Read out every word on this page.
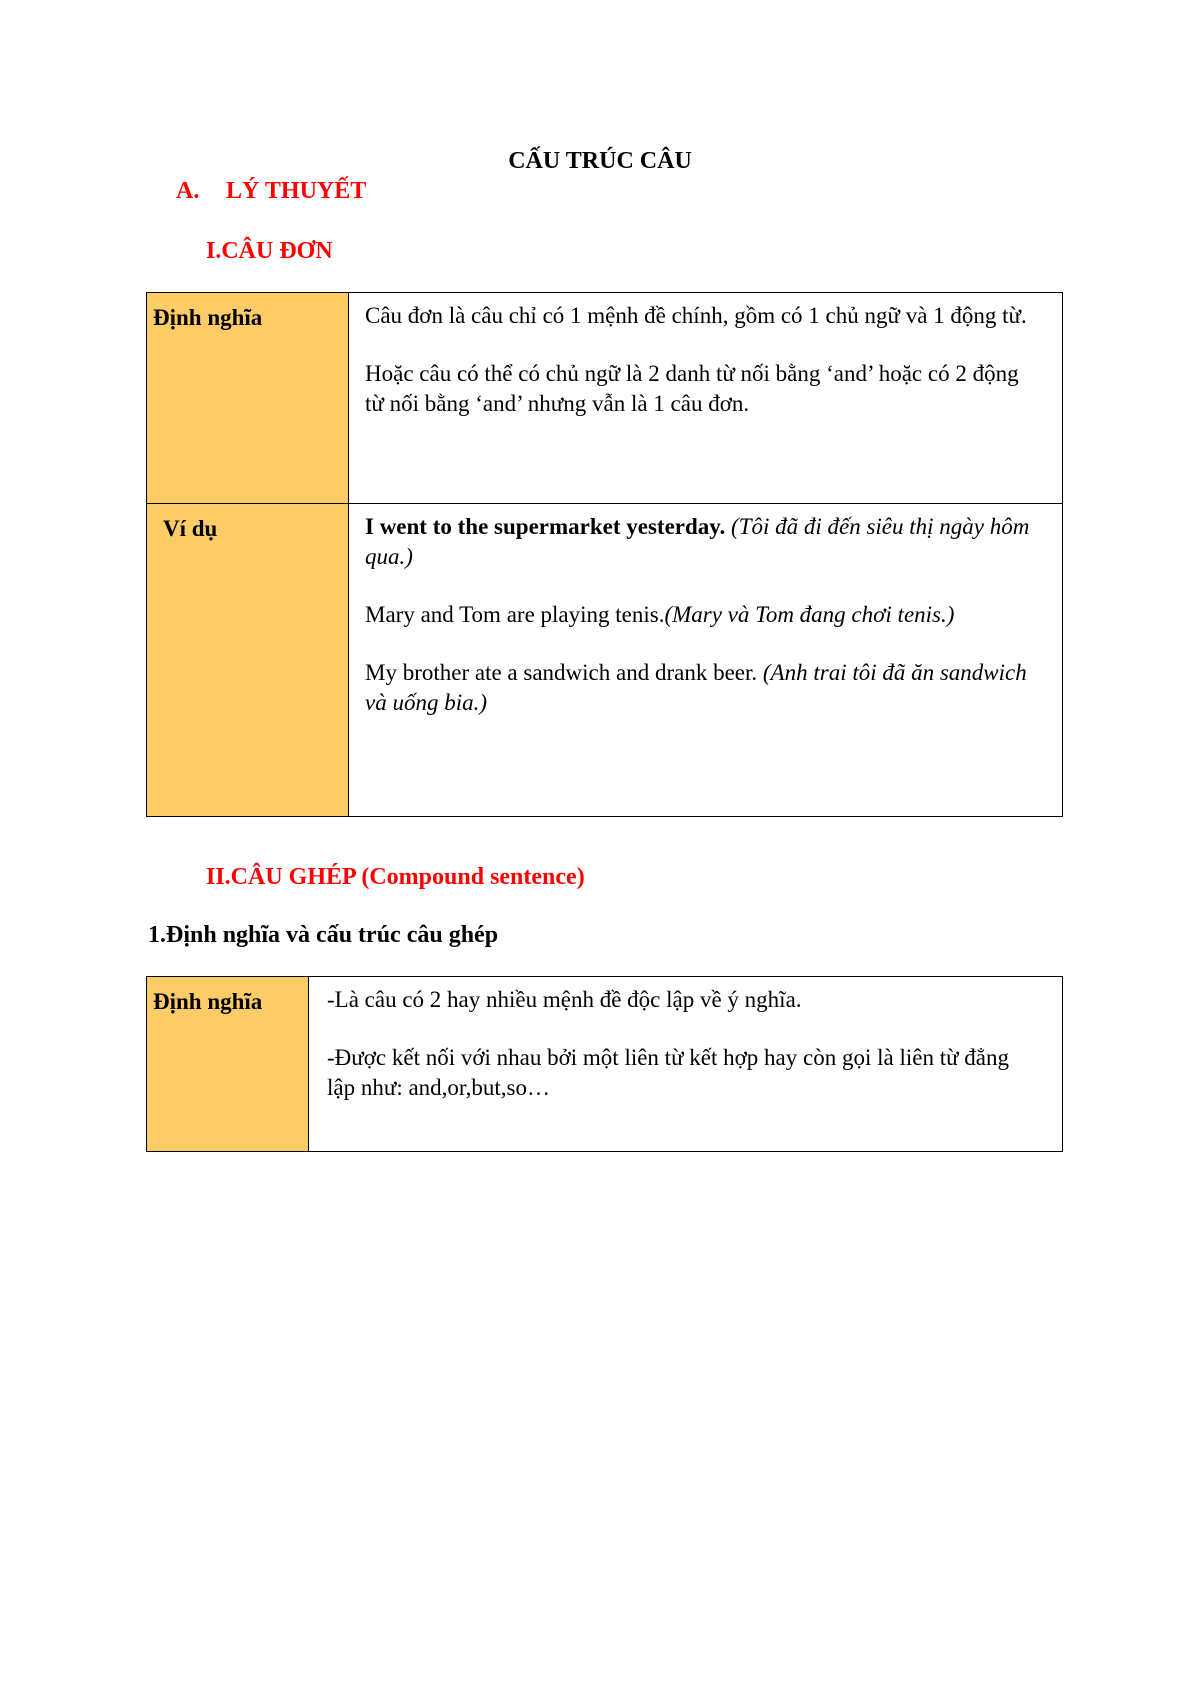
CẤU TRÚC CÂU
A.	LÝ THUYẾT
I.CÂU ĐƠN
Định nghĩa	Câu đơn là câu chỉ có 1 mệnh đề chính, gồm có 1 chủ ngữ và 1 động từ.

Hoặc câu có thể có chủ ngữ là 2 danh từ nối bằng ‘and’ hoặc có 2 động từ nối bằng ‘and’ nhưng vẫn là 1 câu đơn.

Ví dụ	I went to the supermarket yesterday. (Tôi đã đi đến siêu thị ngày hôm qua.)

Mary and Tom are playing tenis.(Mary và Tom đang chơi tenis.)

My brother ate a sandwich and drank beer. (Anh trai tôi đã ăn sandwich và uống bia.)

II.CÂU GHÉP (Compound sentence)
1.Định nghĩa và cấu trúc câu ghép
Định nghĩa	-Là câu có 2 hay nhiều mệnh đề độc lập về ý nghĩa.

-Được kết nối với nhau bởi một liên từ kết hợp hay còn gọi là liên từ đẳng lập như: and,or,but,so…
